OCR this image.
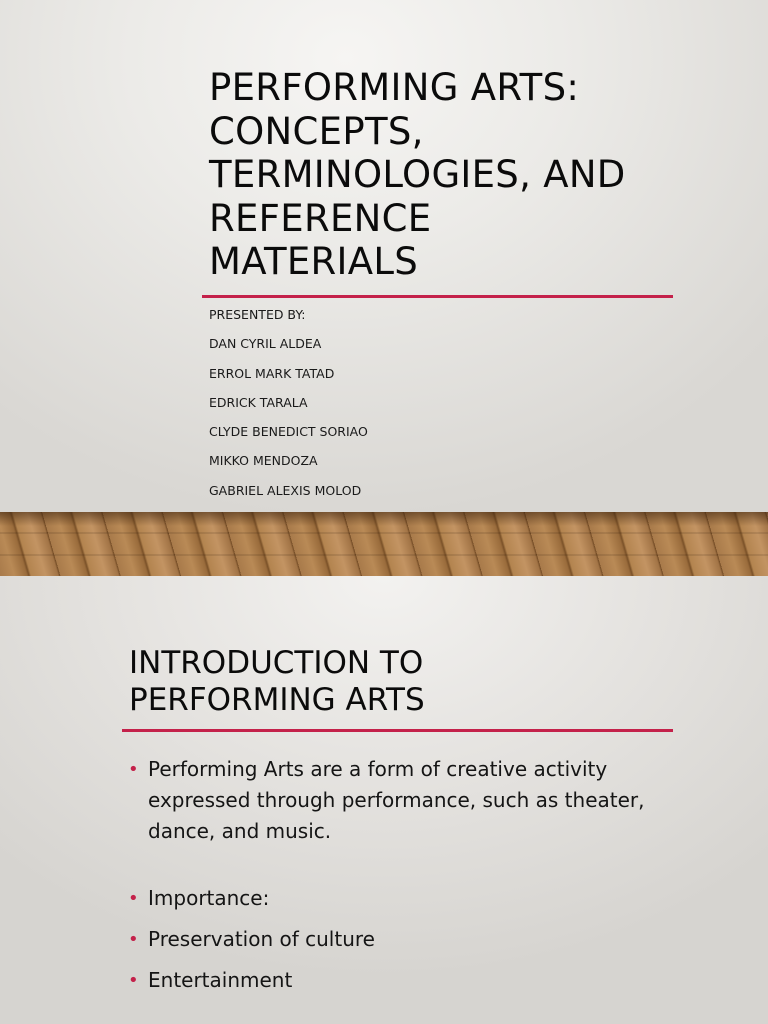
PERFORMING ARTS:
CONCEPTS,
TERMINOLOGIES, AND
REFERENCE
MATERIALS
PRESENTED BY:
DAN CYRIL ALDEA
ERROL MARK TATAD
EDRICK TARALA
CLYDE BENEDICT SORIAO
MIKKO MENDOZA
GABRIEL ALEXIS MOLOD
INTRODUCTION TO
PERFORMING ARTS
• Performing Arts are a form of creative activity expressed through performance, such as theater, dance, and music.
• Importance:
• Preservation of culture
• Entertainment
